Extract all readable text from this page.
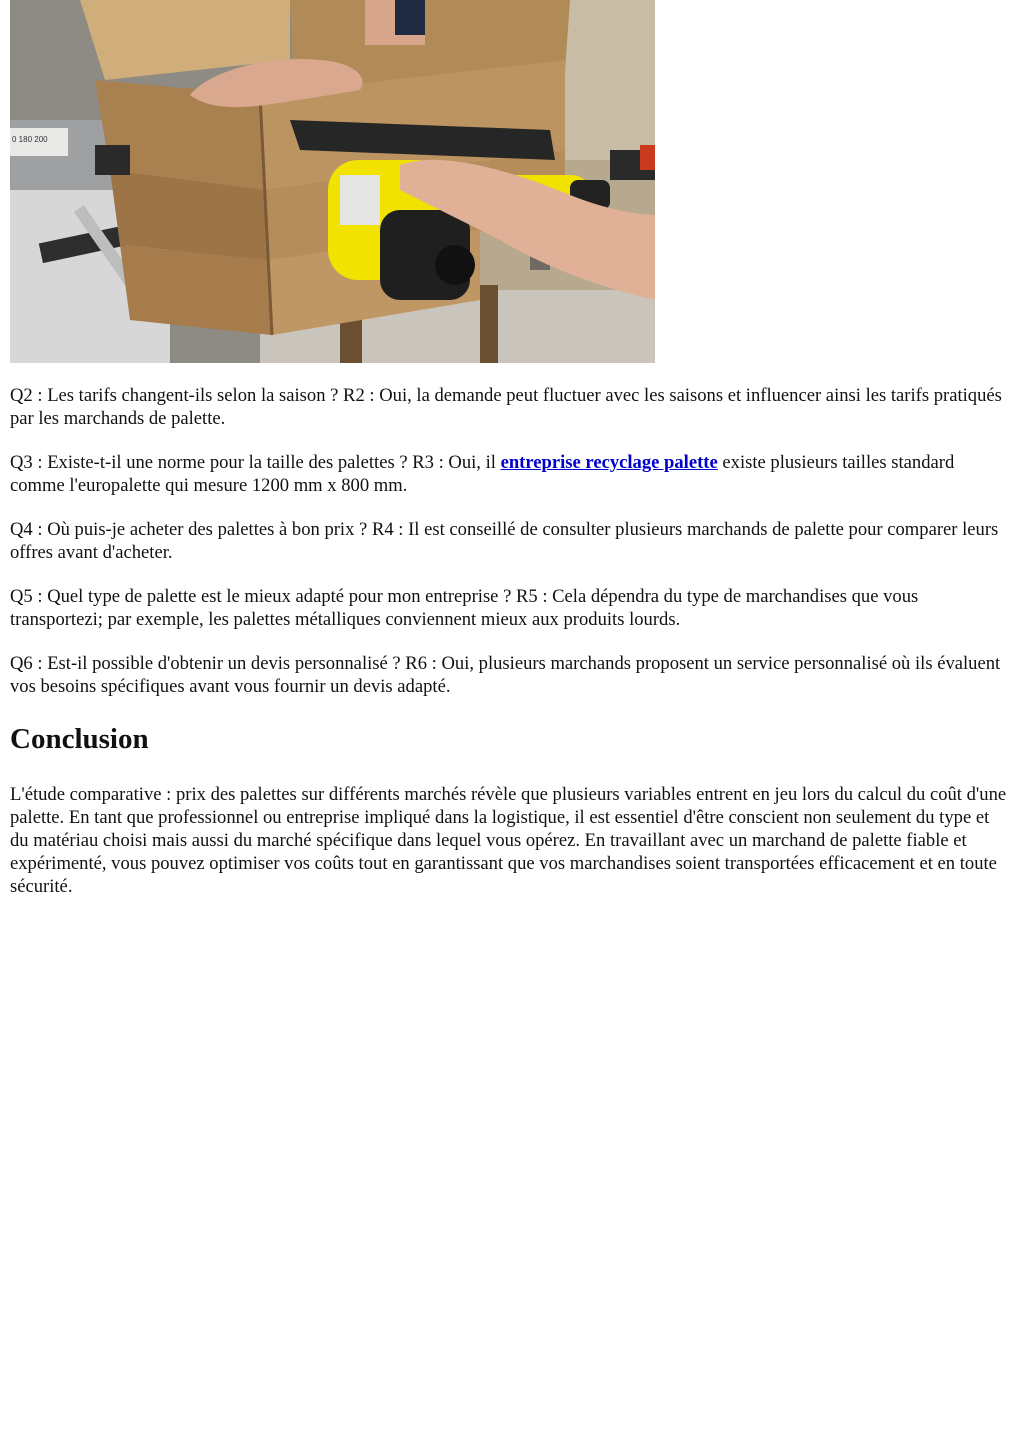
0 180 200

Q2 : Les tarifs changent-ils selon la saison ? R2 : Oui, la demande peut fluctuer avec les saisons et influencer ainsi les tarifs pratiqués par les marchands de palette.

Q3 : Existe-t-il une norme pour la taille des palettes ? R3 : Oui, il entreprise recyclage palette existe plusieurs tailles standard comme l'europalette qui mesure 1200 mm x 800 mm.

Q4 : Où puis-je acheter des palettes à bon prix ? R4 : Il est conseillé de consulter plusieurs marchands de palette pour comparer leurs offres avant d'acheter.

Q5 : Quel type de palette est le mieux adapté pour mon entreprise ? R5 : Cela dépendra du type de marchandises que vous transportezi; par exemple, les palettes métalliques conviennent mieux aux produits lourds.

Q6 : Est-il possible d'obtenir un devis personnalisé ? R6 : Oui, plusieurs marchands proposent un service personnalisé où ils évaluent vos besoins spécifiques avant vous fournir un devis adapté.

Conclusion

L'étude comparative : prix des palettes sur différents marchés révèle que plusieurs variables entrent en jeu lors du calcul du coût d'une palette. En tant que professionnel ou entreprise impliqué dans la logistique, il est essentiel d'être conscient non seulement du type et du matériau choisi mais aussi du marché spécifique dans lequel vous opérez. En travaillant avec un marchand de palette fiable et expérimenté, vous pouvez optimiser vos coûts tout en garantissant que vos marchandises soient transportées efficacement et en toute sécurité.
